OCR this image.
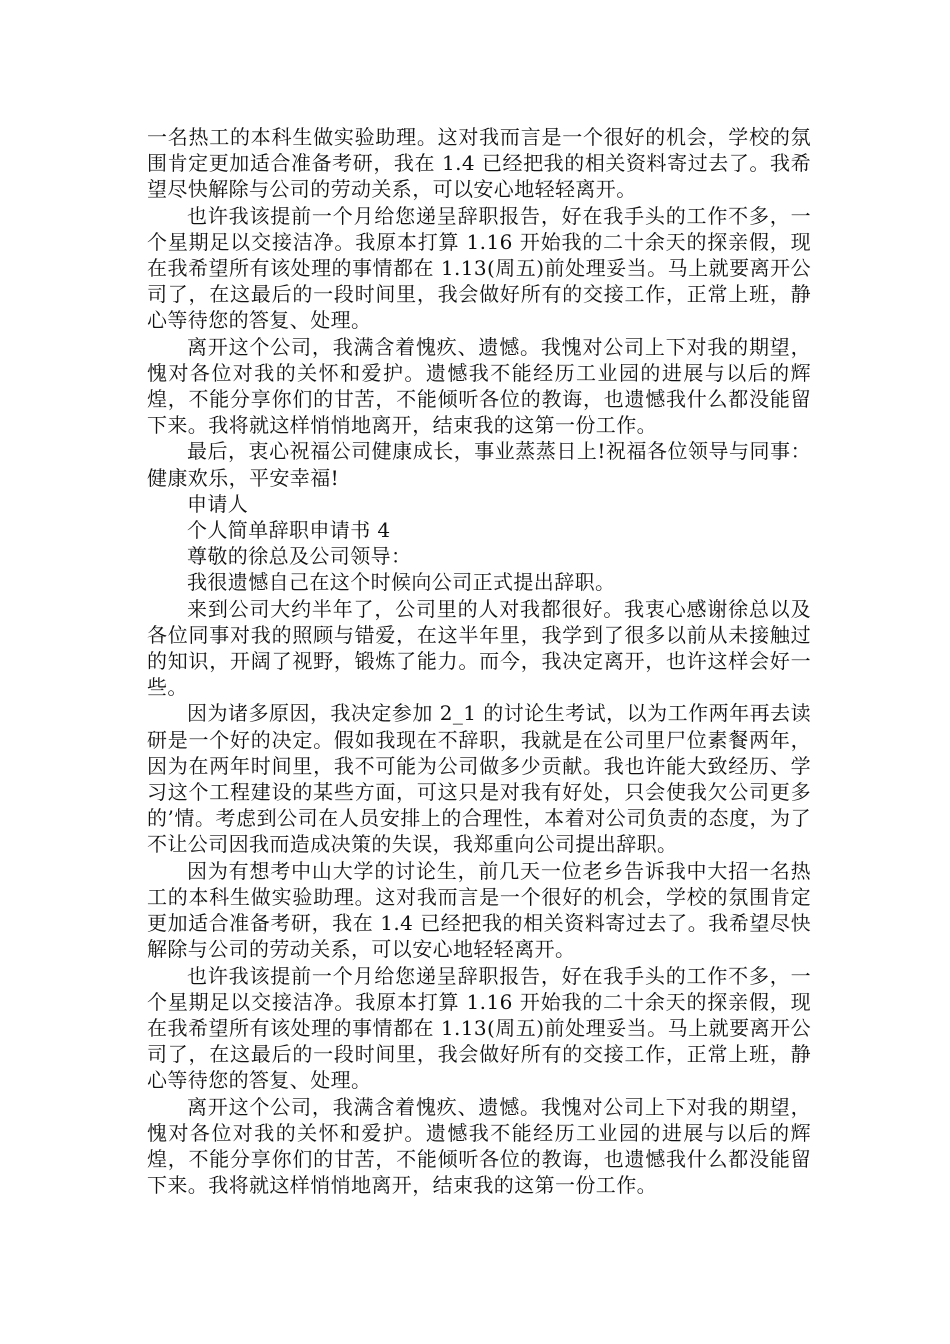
一名热工的本科生做实验助理。这对我而言是一个很好的机会，学校的氛围肯定更加适合准备考研，我在 1.4 已经把我的相关资料寄过去了。我希望尽快解除与公司的劳动关系，可以安心地轻轻离开。

也许我该提前一个月给您递呈辞职报告，好在我手头的工作不多，一个星期足以交接洁净。我原本打算 1.16 开始我的二十余天的探亲假，现在我希望所有该处理的事情都在 1.13(周五)前处理妥当。马上就要离开公司了，在这最后的一段时间里，我会做好所有的交接工作，正常上班，静心等待您的答复、处理。

离开这个公司，我满含着愧疚、遗憾。我愧对公司上下对我的期望，愧对各位对我的关怀和爱护。遗憾我不能经历工业园的进展与以后的辉煌，不能分享你们的甘苦，不能倾听各位的教诲，也遗憾我什么都没能留下来。我将就这样悄悄地离开，结束我的这第一份工作。

最后，衷心祝福公司健康成长，事业蒸蒸日上!祝福各位领导与同事：健康欢乐，平安幸福!

申请人

个人简单辞职申请书 4

尊敬的徐总及公司领导：

我很遗憾自己在这个时候向公司正式提出辞职。

来到公司大约半年了，公司里的人对我都很好。我衷心感谢徐总以及各位同事对我的照顾与错爱，在这半年里，我学到了很多以前从未接触过的知识，开阔了视野，锻炼了能力。而今，我决定离开，也许这样会好一些。

因为诸多原因，我决定参加 2_1 的讨论生考试，以为工作两年再去读研是一个好的决定。假如我现在不辞职，我就是在公司里尸位素餐两年，因为在两年时间里，我不可能为公司做多少贡献。我也许能大致经历、学习这个工程建设的某些方面，可这只是对我有好处，只会使我欠公司更多的’情。考虑到公司在人员安排上的合理性，本着对公司负责的态度，为了不让公司因我而造成决策的失误，我郑重向公司提出辞职。

因为有想考中山大学的讨论生，前几天一位老乡告诉我中大招一名热工的本科生做实验助理。这对我而言是一个很好的机会，学校的氛围肯定更加适合准备考研，我在 1.4 已经把我的相关资料寄过去了。我希望尽快解除与公司的劳动关系，可以安心地轻轻离开。

也许我该提前一个月给您递呈辞职报告，好在我手头的工作不多，一个星期足以交接洁净。我原本打算 1.16 开始我的二十余天的探亲假，现在我希望所有该处理的事情都在 1.13(周五)前处理妥当。马上就要离开公司了，在这最后的一段时间里，我会做好所有的交接工作，正常上班，静心等待您的答复、处理。

离开这个公司，我满含着愧疚、遗憾。我愧对公司上下对我的期望，愧对各位对我的关怀和爱护。遗憾我不能经历工业园的进展与以后的辉煌，不能分享你们的甘苦，不能倾听各位的教诲，也遗憾我什么都没能留下来。我将就这样悄悄地离开，结束我的这第一份工作。
